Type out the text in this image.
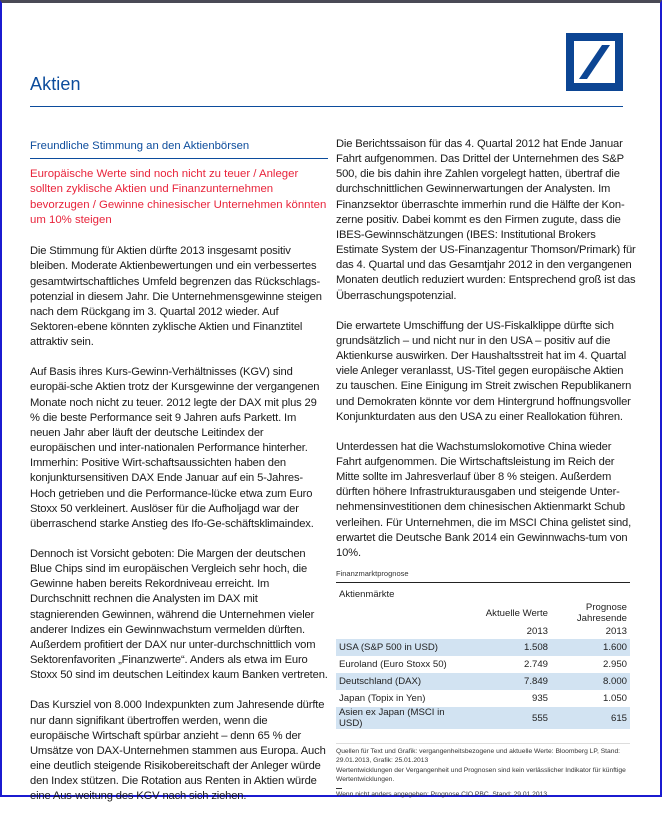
Aktien
Freundliche Stimmung an den Aktienbörsen
Europäische Werte sind noch nicht zu teuer / Anleger sollten zyklische Aktien und Finanzunternehmen bevorzugen / Gewinne chinesischer Unternehmen könnten um 10% steigen

Die Stimmung für Aktien dürfte 2013 insgesamt positiv bleiben. Moderate Aktienbewertungen und ein verbessertes gesamtwirtschaftliches Umfeld begrenzen das Rückschlags-potenzial in diesem Jahr. Die Unternehmensgewinne steigen nach dem Rückgang im 3. Quartal 2012 wieder. Auf Sektoren-ebene könnten zyklische Aktien und Finanztitel attraktiv sein.

Auf Basis ihres Kurs-Gewinn-Verhältnisses (KGV) sind europäi-sche Aktien trotz der Kursgewinne der vergangenen Monate noch nicht zu teuer. 2012 legte der DAX mit plus 29 % die beste Performance seit 9 Jahren aufs Parkett. Im neuen Jahr aber läuft der deutsche Leitindex der europäischen und inter-nationalen Performance hinterher. Immerhin: Positive Wirt-schaftsaussichten haben den konjunktursensitiven DAX Ende Januar auf ein 5-Jahres-Hoch getrieben und die Performance-lücke etwa zum Euro Stoxx 50 verkleinert. Auslöser für die Aufholjagd war der überraschend starke Anstieg des Ifo-Ge-schäftsklimaindex.

Dennoch ist Vorsicht geboten: Die Margen der deutschen Blue Chips sind im europäischen Vergleich sehr hoch, die Gewinne haben bereits Rekordniveau erreicht. Im Durchschnitt rechnen die Analysten im DAX mit stagnierenden Gewinnen, während die Unternehmen vieler anderer Indizes ein Gewinnwachstum vermelden dürften. Außerdem profitiert der DAX nur unter-durchschnittlich vom Sektorenfavoriten „Finanzwerte“. Anders als etwa im Euro Stoxx 50 sind im deutschen Leitindex kaum Banken vertreten.

Das Kursziel von 8.000 Indexpunkten zum Jahresende dürfte nur dann signifikant übertroffen werden, wenn die europäische Wirtschaft spürbar anzieht – denn 65 % der Umsätze von DAX-Unternehmen stammen aus Europa. Auch eine deutlich steigende Risikobereitschaft der Anleger würde den Index stützen. Die Rotation aus Renten in Aktien würde eine Aus-weitung des KGV nach sich ziehen.

Die Berichtssaison für das 4. Quartal 2012 hat Ende Januar Fahrt aufgenommen. Das Drittel der Unternehmen des S&P 500, die bis dahin ihre Zahlen vorgelegt hatten, übertraf die durchschnittlichen Gewinnerwartungen der Analysten. Im Finanzsektor überraschte immerhin rund die Hälfte der Kon-zerne positiv. Dabei kommt es den Firmen zugute, dass die IBES-Gewinnschätzungen (IBES: Institutional Brokers Estimate System der US-Finanzagentur Thomson/Primark) für das 4. Quartal und das Gesamtjahr 2012 in den vergangenen Monaten deutlich reduziert wurden: Entsprechend groß ist das Überraschungspotenzial.

Die erwartete Umschiffung der US-Fiskalklippe dürfte sich grundsätzlich – und nicht nur in den USA – positiv auf die Aktienkurse auswirken. Der Haushaltsstreit hat im 4. Quartal viele Anleger veranlasst, US-Titel gegen europäische Aktien zu tauschen. Eine Einigung im Streit zwischen Republikanern und Demokraten könnte vor dem Hintergrund hoffnungsvoller Konjunkturdaten aus den USA zu einer Reallokation führen.

Unterdessen hat die Wachstumslokomotive China wieder Fahrt aufgenommen. Die Wirtschaftsleistung im Reich der Mitte sollte im Jahresverlauf über 8 % steigen. Außerdem dürften höhere Infrastrukturausgaben und steigende Unter-nehmensinvestitionen dem chinesischen Aktienmarkt Schub verleihen. Für Unternehmen, die im MSCI China gelistet sind, erwartet die Deutsche Bank 2014 ein Gewinnwachs-tum von 10%.

Finanzmarktprognose
Aktienmärkte
	Aktuelle Werte	Prognose Jahresende
	2013	2013
USA (S&P 500 in USD)	1.508	1.600
Euroland (Euro Stoxx 50)	2.749	2.950
Deutschland (DAX)	7.849	8.000
Japan (Topix in Yen)	935	1.050
Asien ex Japan (MSCI in USD)	555	615
Quellen für Text und Grafik: vergangenheitsbezogene und aktuelle Werte: Bloomberg LP, Stand: 29.01.2013, Grafik: 25.01.2013
Wertentwicklungen der Vergangenheit und Prognosen sind kein verlässlicher Indikator für künftige Wertentwicklungen.
Wenn nicht anders angegeben: Prognose CIO PBC, Stand: 29.01.2013
